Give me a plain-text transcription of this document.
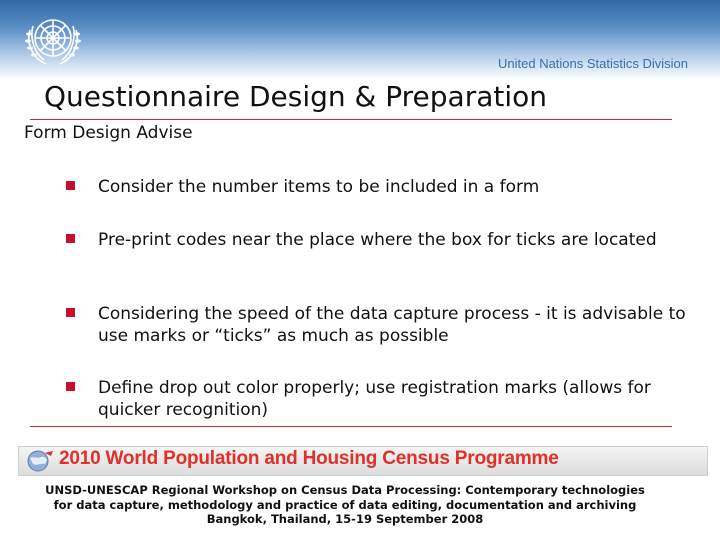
United Nations Statistics Division
Questionnaire Design & Preparation
Form Design Advise
Consider the number items to be included in a form
Pre-print codes near the place where the box for ticks are located
Considering the speed of the data capture process - it is advisable to use marks or “ticks” as much as possible
Define drop out color properly; use registration marks (allows for quicker recognition)
2010 World Population and Housing Census Programme
UNSD-UNESCAP Regional Workshop on Census Data Processing: Contemporary technologies
for data capture, methodology and practice of data editing, documentation and archiving
Bangkok, Thailand, 15-19 September 2008
